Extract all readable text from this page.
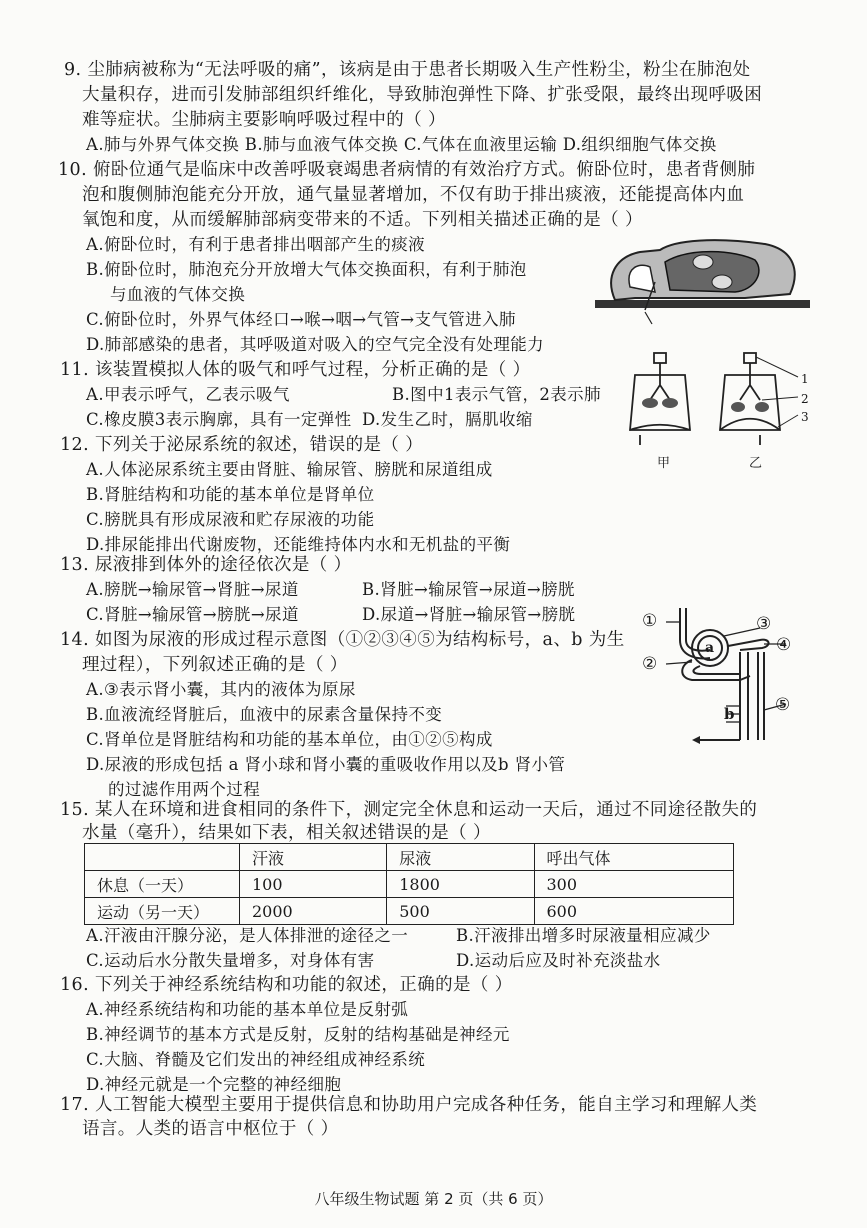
9. 尘肺病被称为“无法呼吸的痛”，该病是由于患者长期吸入生产性粉尘，粉尘在肺泡处
大量积存，进而引发肺部组织纤维化，导致肺泡弹性下降、扩张受限，最终出现呼吸困
难等症状。尘肺病主要影响呼吸过程中的（ ）
A.肺与外界气体交换 B.肺与血液气体交换 C.气体在血液里运输 D.组织细胞气体交换
10. 俯卧位通气是临床中改善呼吸衰竭患者病情的有效治疗方式。俯卧位时，患者背侧肺
泡和腹侧肺泡能充分开放，通气量显著增加，不仅有助于排出痰液，还能提高体内血
氧饱和度，从而缓解肺部病变带来的不适。下列相关描述正确的是（ ）
A.俯卧位时，有利于患者排出咽部产生的痰液
B.俯卧位时，肺泡充分开放增大气体交换面积，有利于肺泡
与血液的气体交换
C.俯卧位时，外界气体经口→喉→咽→气管→支气管进入肺
D.肺部感染的患者，其呼吸道对吸入的空气完全没有处理能力
11. 该装置模拟人体的吸气和呼气过程，分析正确的是（ ）
A.甲表示呼气，乙表示吸气	B.图中1表示气管，2表示肺
C.橡皮膜3表示胸廓，具有一定弹性 D.发生乙时，膈肌收缩
1
2
3
甲	乙
12. 下列关于泌尿系统的叙述，错误的是（ ）
A.人体泌尿系统主要由肾脏、输尿管、膀胱和尿道组成
B.肾脏结构和功能的基本单位是肾单位
C.膀胱具有形成尿液和贮存尿液的功能
D.排尿能排出代谢废物，还能维持体内水和无机盐的平衡
13. 尿液排到体外的途径依次是（ ）
A.膀胱→输尿管→肾脏→尿道	B.肾脏→输尿管→尿道→膀胱
C.肾脏→输尿管→膀胱→尿道	D.尿道→肾脏→输尿管→膀胱
14. 如图为尿液的形成过程示意图（①②③④⑤为结构标号，a、b 为生
理过程），下列叙述正确的是（ ）
A.③表示肾小囊，其内的液体为原尿
B.血液流经肾脏后，血液中的尿素含量保持不变
C.肾单位是肾脏结构和功能的基本单位，由①②⑤构成
D.尿液的形成包括 a 肾小球和肾小囊的重吸收作用以及b 肾小管
的过滤作用两个过程
①
②
③
④
⑤
a
b
15. 某人在环境和进食相同的条件下，测定完全休息和运动一天后，通过不同途径散失的
水量（毫升），结果如下表，相关叙述错误的是（ ）
	汗液	尿液	呼出气体
休息（一天）	100	1800	300
运动（另一天）	2000	500	600
A.汗液由汗腺分泌，是人体排泄的途径之一	B.汗液排出增多时尿液量相应减少
C.运动后水分散失量增多，对身体有害	D.运动后应及时补充淡盐水
16. 下列关于神经系统结构和功能的叙述，正确的是（ ）
A.神经系统结构和功能的基本单位是反射弧
B.神经调节的基本方式是反射，反射的结构基础是神经元
C.大脑、脊髓及它们发出的神经组成神经系统
D.神经元就是一个完整的神经细胞
17. 人工智能大模型主要用于提供信息和协助用户完成各种任务，能自主学习和理解人类
语言。人类的语言中枢位于（ ）
八年级生物试题 第 2 页（共 6 页）
